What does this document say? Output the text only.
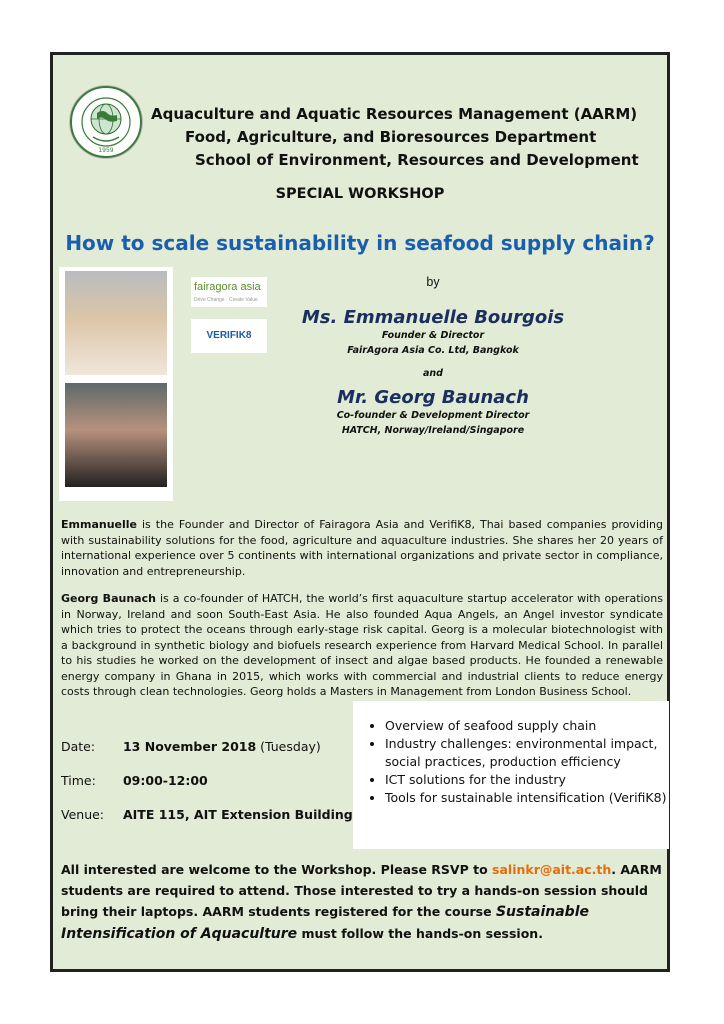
1959
Aquaculture and Aquatic Resources Management (AARM)
Food, Agriculture, and Bioresources Department
School of Environment, Resources and Development
SPECIAL WORKSHOP
How to scale sustainability in seafood supply chain?
fairagora asia
Drive Change · Create Value
VERIFIK8
by
Ms. Emmanuelle Bourgois
Founder & Director
FairAgora Asia Co. Ltd, Bangkok
and
Mr. Georg Baunach
Co-founder & Development Director
HATCH, Norway/Ireland/Singapore
Emmanuelle is the Founder and Director of Fairagora Asia and VerifiK8, Thai based companies providing with sustainability solutions for the food, agriculture and aquaculture industries. She shares her 20 years of international experience over 5 continents with international organizations and private sector in compliance, innovation and entrepreneurship.
Georg Baunach is a co-founder of HATCH, the world’s first aquaculture startup accelerator with operations in Norway, Ireland and soon South-East Asia. He also founded Aqua Angels, an Angel investor syndicate which tries to protect the oceans through early-stage risk capital. Georg is a molecular biotechnologist with a background in synthetic biology and biofuels research experience from Harvard Medical School. In parallel to his studies he worked on the development of insect and algae based products. He founded a renewable energy company in Ghana in 2015, which works with commercial and industrial clients to reduce energy costs through clean technologies. Georg holds a Masters in Management from London Business School.
Date: 13 November 2018 (Tuesday)
Time: 09:00-12:00
Venue: AITE 115, AIT Extension Building
• Overview of seafood supply chain
• Industry challenges: environmental impact, social practices, production efficiency
• ICT solutions for the industry
• Tools for sustainable intensification (VerifiK8)
All interested are welcome to the Workshop. Please RSVP to salinkr@ait.ac.th. AARM students are required to attend. Those interested to try a hands-on session should bring their laptops. AARM students registered for the course Sustainable Intensification of Aquaculture must follow the hands-on session.
